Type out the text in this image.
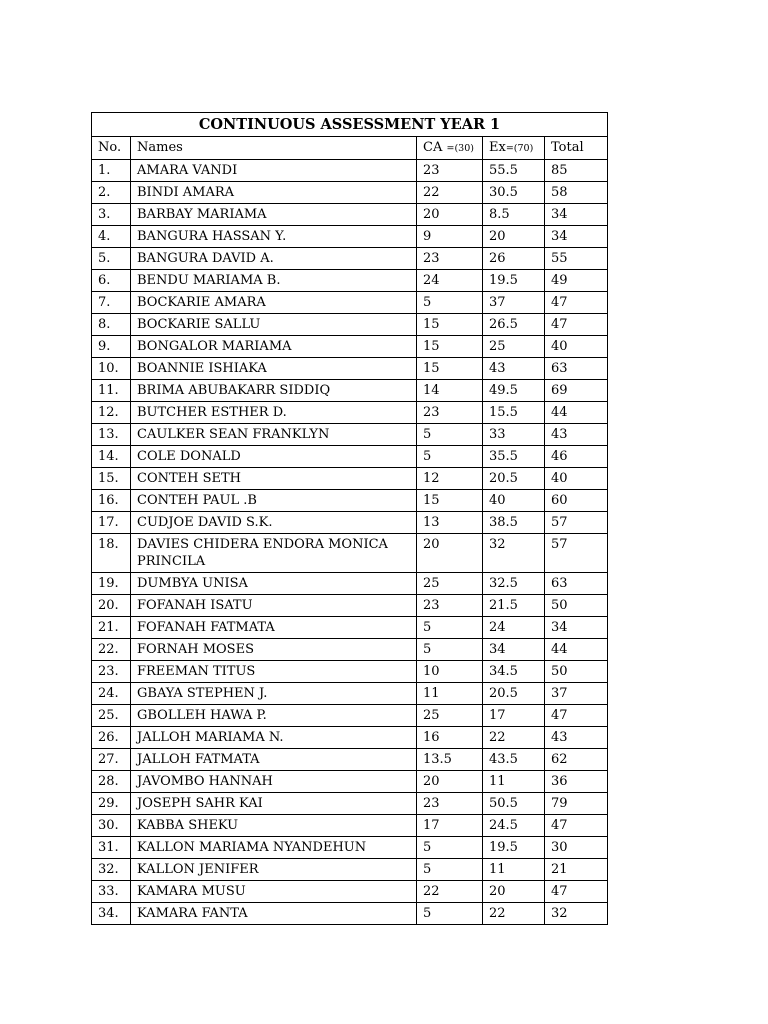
CONTINUOUS ASSESSMENT YEAR 1				
No.	Names	CA =(30)	Ex=(70)	Total
1.	AMARA VANDI	23	55.5	85
2.	BINDI AMARA	22	30.5	58
3.	BARBAY MARIAMA	20	8.5	34
4.	BANGURA HASSAN Y.	9	20	34
5.	BANGURA DAVID A.	23	26	55
6.	BENDU MARIAMA B.	24	19.5	49
7.	BOCKARIE AMARA	5	37	47
8.	BOCKARIE SALLU	15	26.5	47
9.	BONGALOR MARIAMA	15	25	40
10.	BOANNIE ISHIAKA	15	43	63
11.	BRIMA ABUBAKARR SIDDIQ	14	49.5	69
12.	BUTCHER ESTHER D.	23	15.5	44
13.	CAULKER SEAN FRANKLYN	5	33	43
14.	COLE DONALD	5	35.5	46
15.	CONTEH SETH	12	20.5	40
16.	CONTEH PAUL .B	15	40	60
17.	CUDJOE DAVID S.K.	13	38.5	57
18.	DAVIES CHIDERA ENDORA MONICA PRINCILA	20	32	57
19.	DUMBYA UNISA	25	32.5	63
20.	FOFANAH ISATU	23	21.5	50
21.	FOFANAH FATMATA	5	24	34
22.	FORNAH MOSES	5	34	44
23.	FREEMAN TITUS	10	34.5	50
24.	GBAYA STEPHEN J.	11	20.5	37
25.	GBOLLEH HAWA P.	25	17	47
26.	JALLOH MARIAMA N.	16	22	43
27.	JALLOH FATMATA	13.5	43.5	62
28.	JAVOMBO HANNAH	20	11	36
29.	JOSEPH SAHR KAI	23	50.5	79
30.	KABBA SHEKU	17	24.5	47
31.	KALLON MARIAMA NYANDEHUN	5	19.5	30
32.	KALLON JENIFER	5	11	21
33.	KAMARA MUSU	22	20	47
34.	KAMARA FANTA	5	22	32
